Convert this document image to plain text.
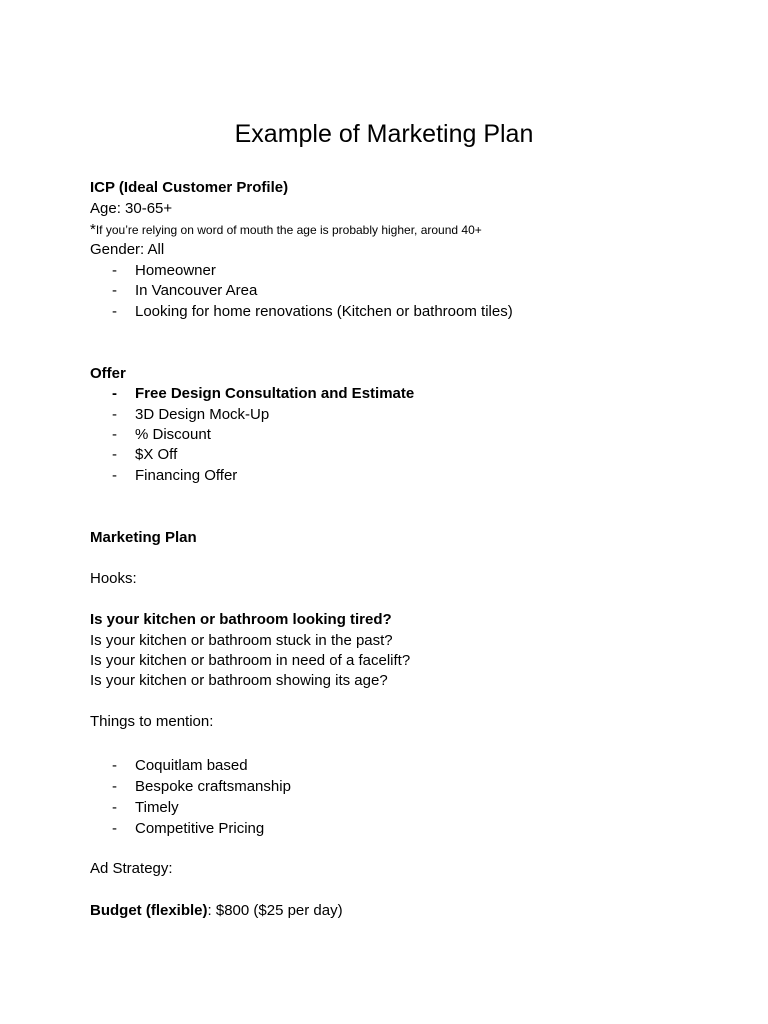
Example of Marketing Plan
ICP (Ideal Customer Profile)
Age: 30-65+
*If you’re relying on word of mouth the age is probably higher, around 40+
Gender: All
- Homeowner
- In Vancouver Area
- Looking for home renovations (Kitchen or bathroom tiles)
Offer
- Free Design Consultation and Estimate
- 3D Design Mock-Up
- % Discount
- $X Off
- Financing Offer
Marketing Plan
Hooks:
Is your kitchen or bathroom looking tired?
Is your kitchen or bathroom stuck in the past?
Is your kitchen or bathroom in need of a facelift?
Is your kitchen or bathroom showing its age?
Things to mention:
- Coquitlam based
- Bespoke craftsmanship
- Timely
- Competitive Pricing
Ad Strategy:
Budget (flexible): $800 ($25 per day)
